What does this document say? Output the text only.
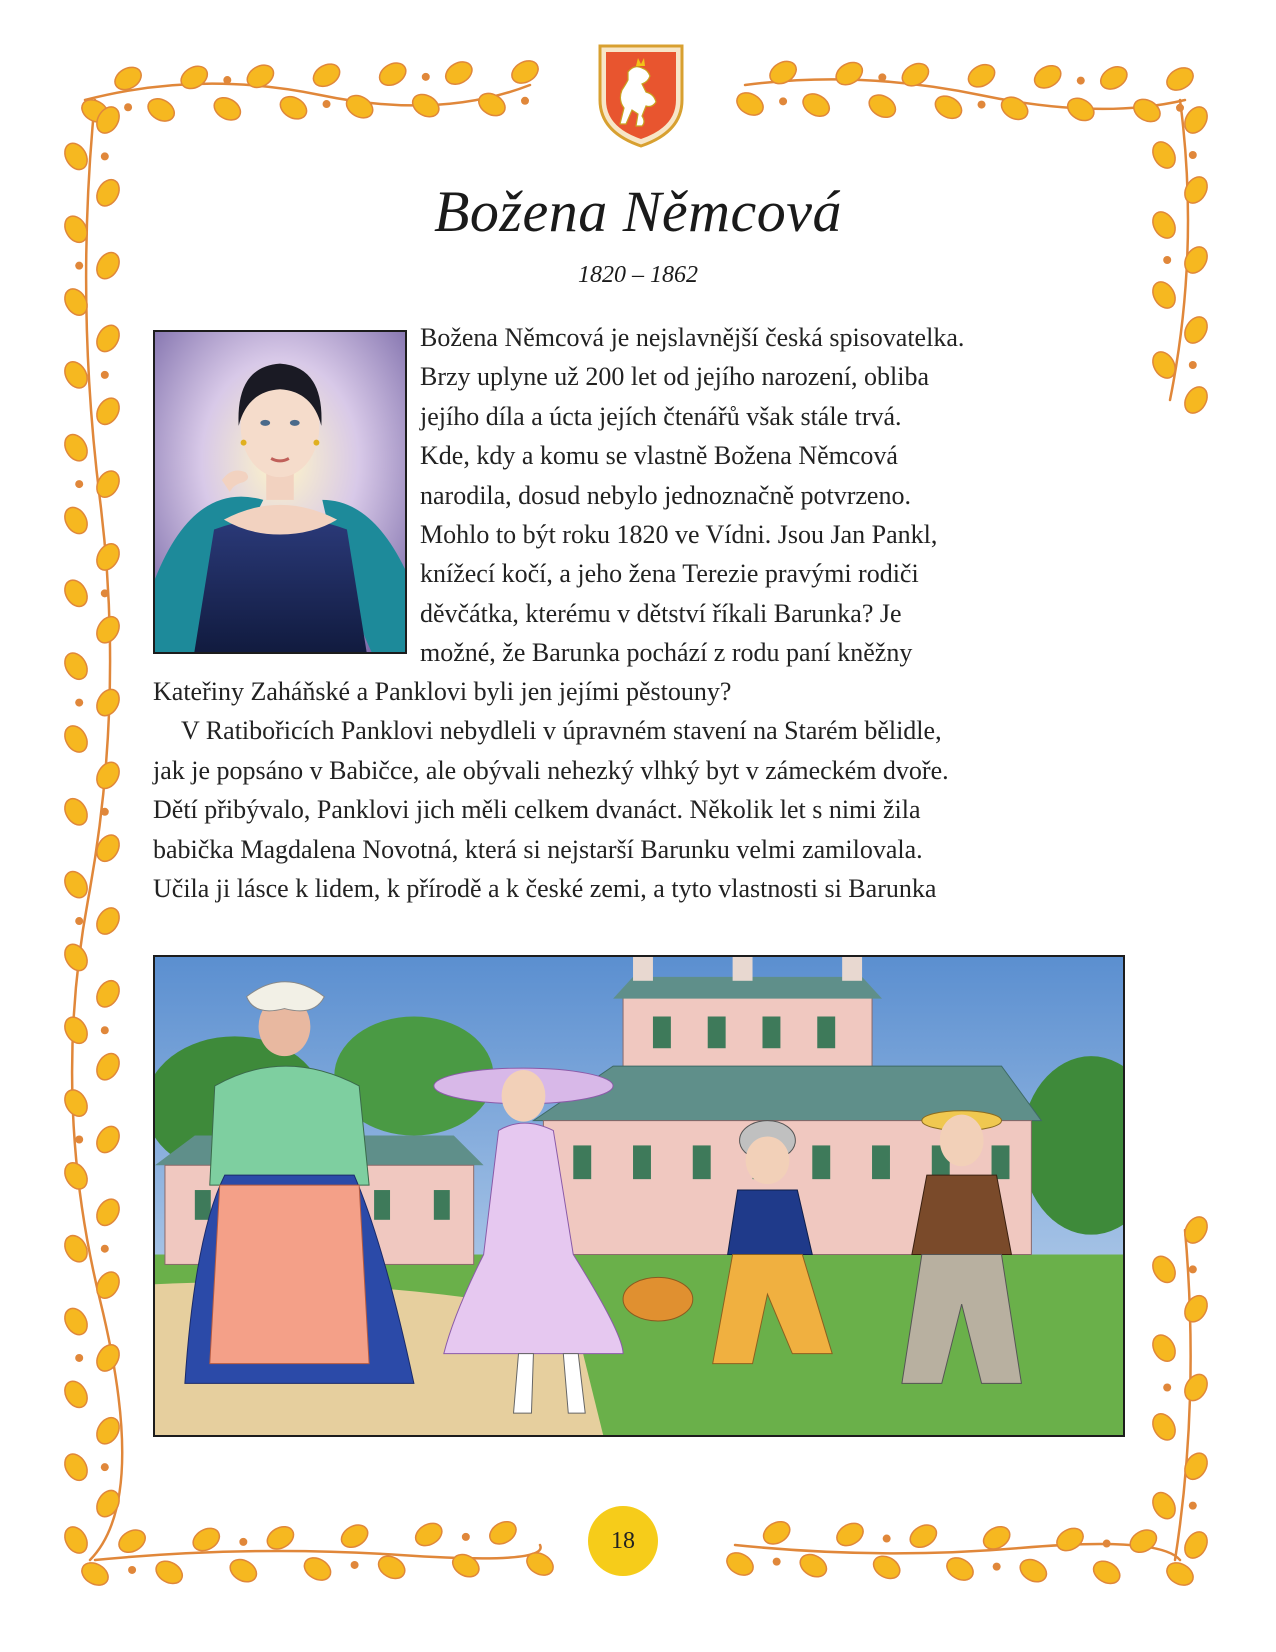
Božena Němcová
1820 – 1862
Božena Němcová je nejslavnější česká spisovatelka.
Brzy uplyne už 200 let od jejího narození, obliba
jejího díla a úcta jejích čtenářů však stále trvá.
Kde, kdy a komu se vlastně Božena Němcová
narodila, dosud nebylo jednoznačně potvrzeno.
Mohlo to být roku 1820 ve Vídni. Jsou Jan Pankl,
knížecí kočí, a jeho žena Terezie pravými rodiči
děvčátka, kterému v dětství říkali Barunka? Je
možné, že Barunka pochází z rodu paní kněžny
Kateřiny Zaháňské a Panklovi byli jen jejími pěstouny?
V Ratibořicích Panklovi nebydleli v úpravném stavení na Starém bělidle,
jak je popsáno v Babičce, ale obývali nehezký vlhký byt v zámeckém dvoře.
Dětí přibývalo, Panklovi jich měli celkem dvanáct. Několik let s nimi žila
babička Magdalena Novotná, která si nejstarší Barunku velmi zamilovala.
Učila ji lásce k lidem, k přírodě a k české zemi, a tyto vlastnosti si Barunka
18
